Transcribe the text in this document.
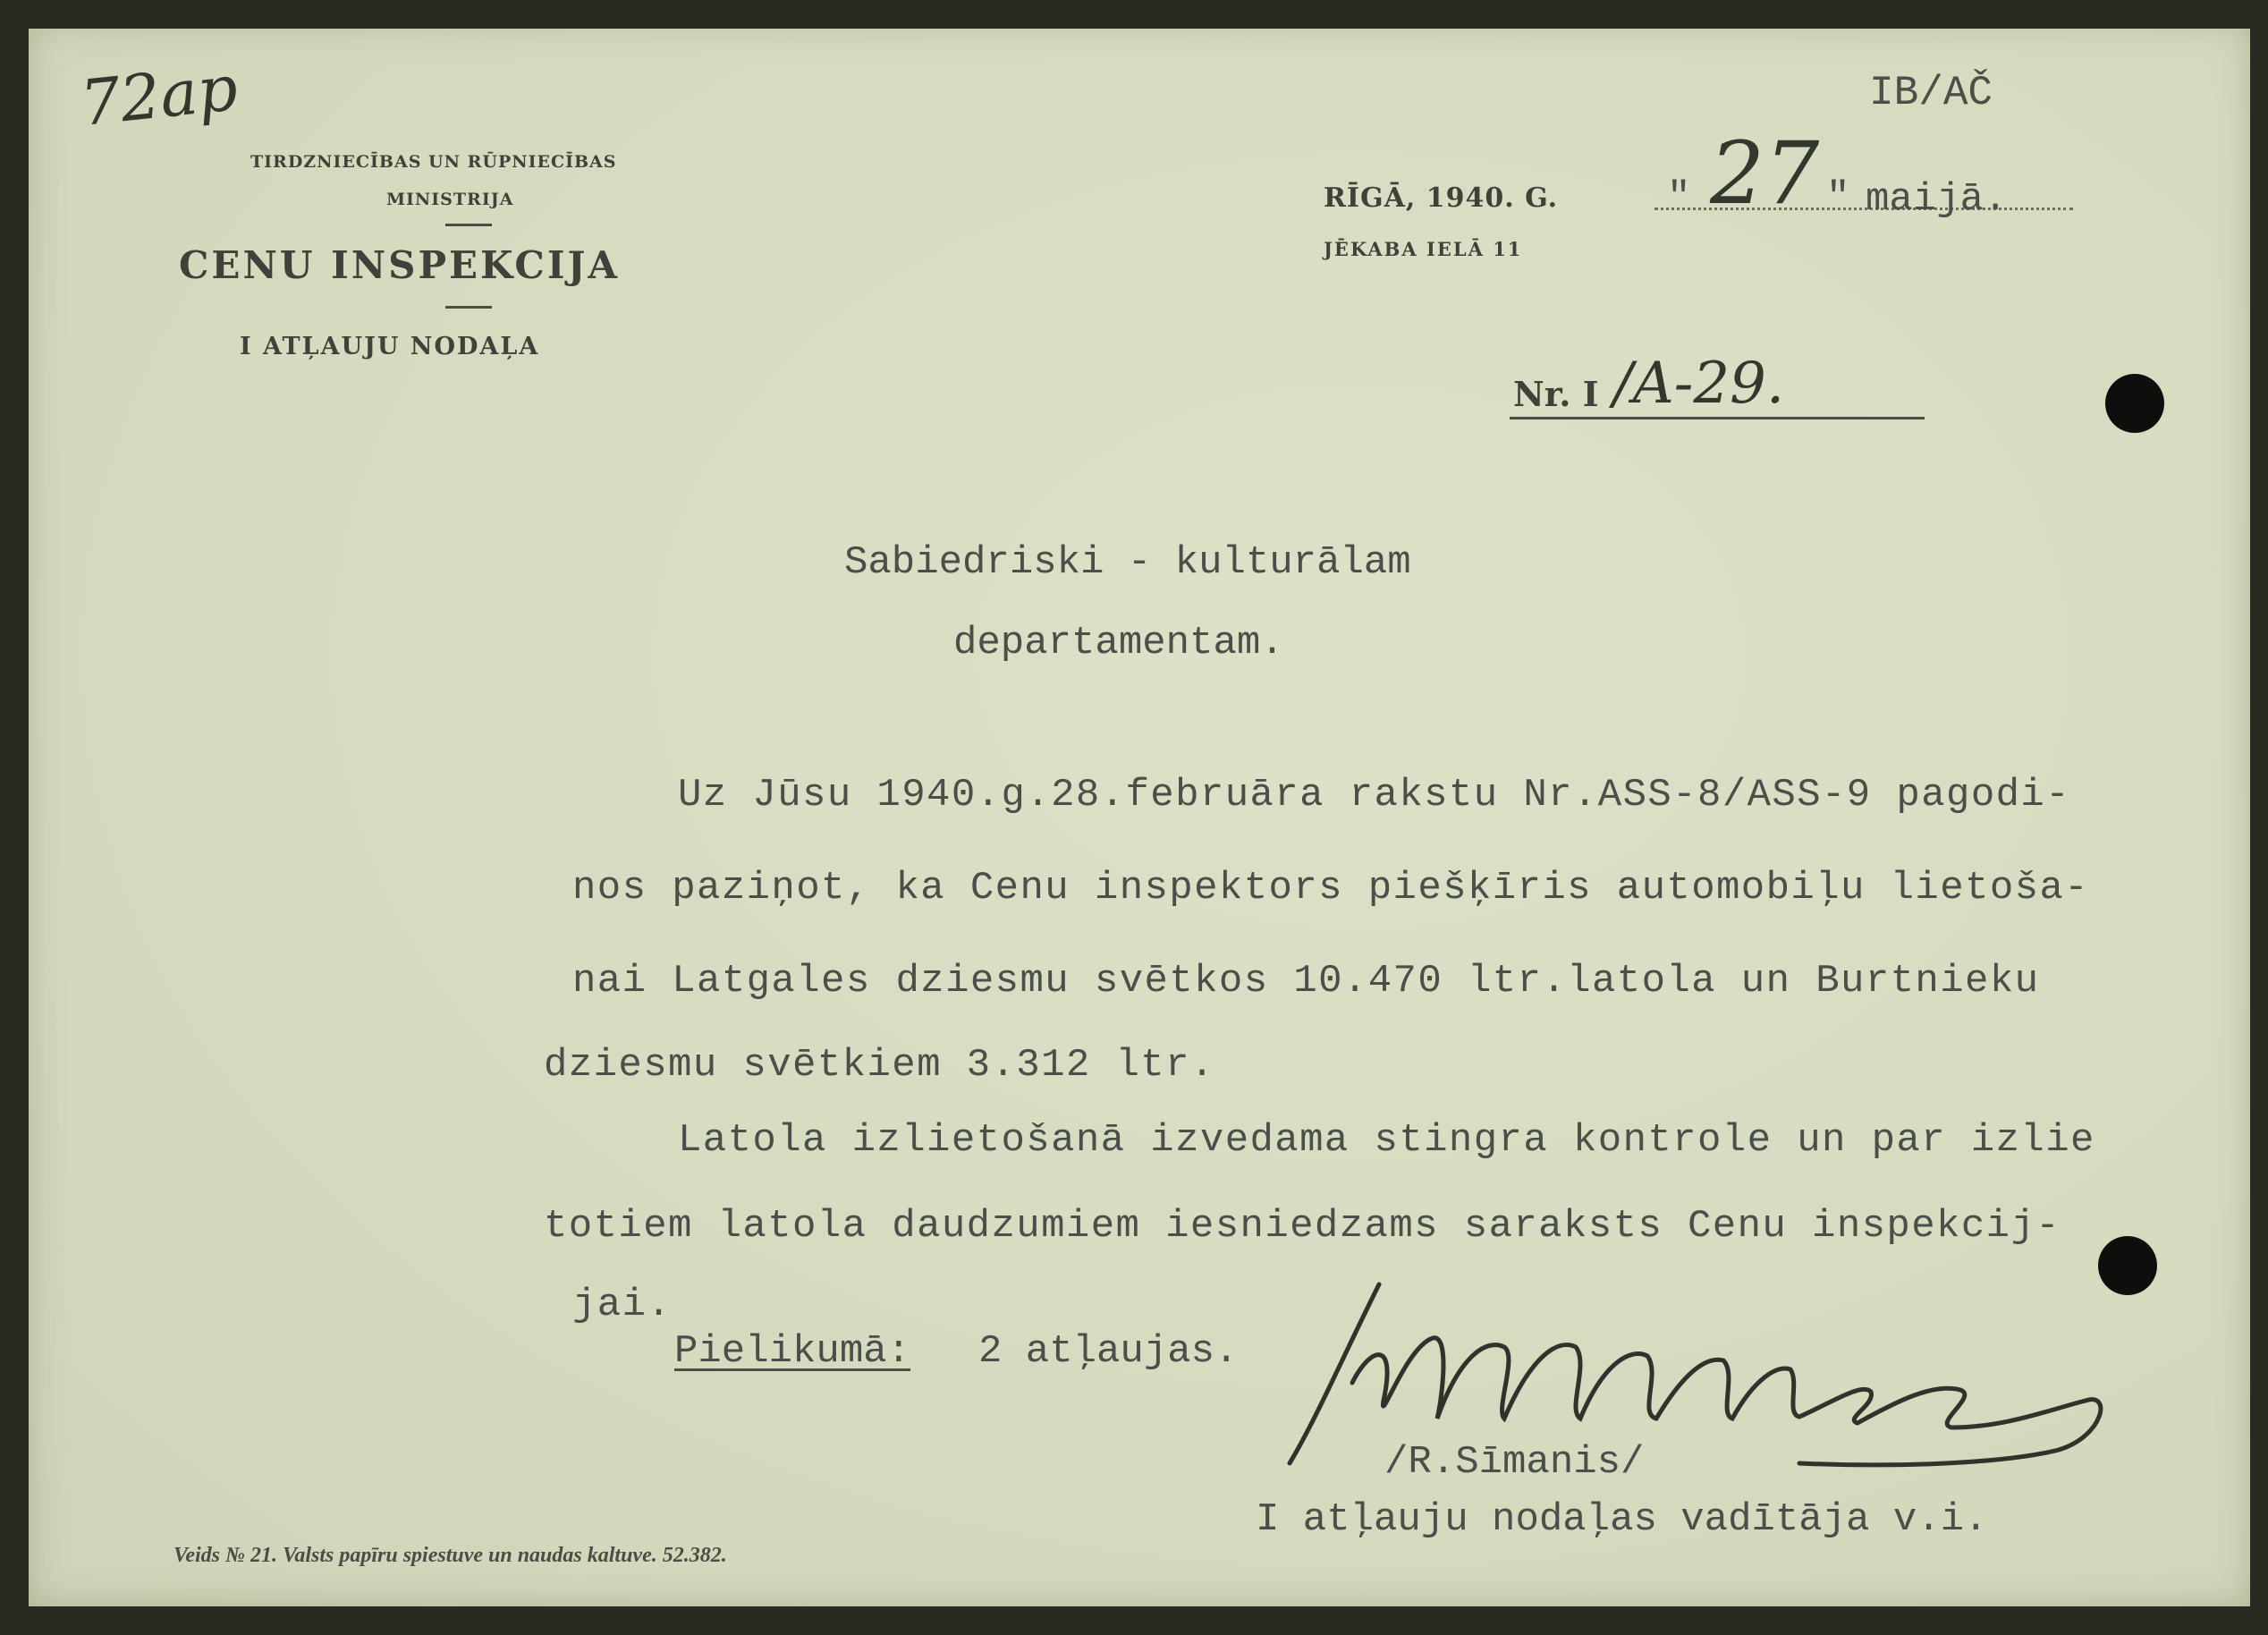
72ap	IB/AČ
TIRDZNIECĪBAS UN RŪPNIECĪBAS
MINISTRIJA
CENU INSPEKCIJA
I ATĻAUJU NODAĻA
RĪGĀ, 1940. G.	" 27 " maijā.
JĒKABA IELĀ 11
Nr. I /A-29.
Sabiedriski - kulturālam
departamentam.
Uz Jūsu 1940.g.28.februāra rakstu Nr.ASS-8/ASS-9 pagodi-
nos paziņot, ka Cenu inspektors piešķīris automobiļu lietoša-
nai Latgales dziesmu svētkos 10.470 ltr.latola un Burtnieku
dziesmu svētkiem 3.312 ltr.
Latola izlietošanā izvedama stingra kontrole un par izlie
totiem latola daudzumiem iesniedzams saraksts Cenu inspekcij-
jai.
Pielikumā: 2 atļaujas.
/R.Sīmanis/
I atļauju nodaļas vadītāja v.i.
Veids № 21. Valsts papīru spiestuve un naudas kaltuve. 52.382.
